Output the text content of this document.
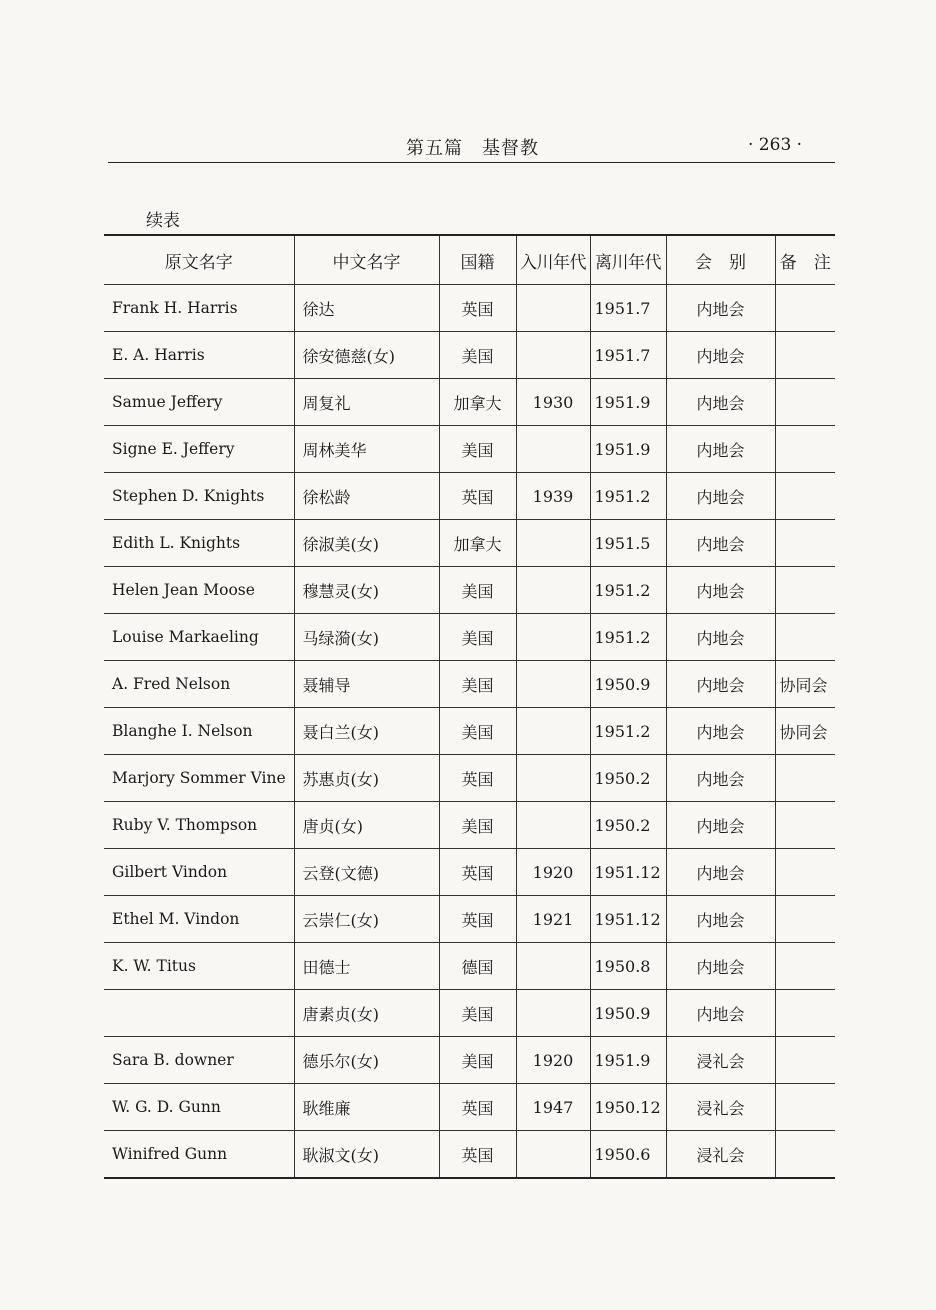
第五篇　基督教	· 263 ·
续表
原文名字	中文名字	国籍	入川年代	离川年代	会　别	备　注
Frank H. Harris	徐达	英国		1951.7	内地会	
E. A. Harris	徐安德慈(女)	美国		1951.7	内地会	
Samue Jeffery	周复礼	加拿大	1930	1951.9	内地会	
Signe E. Jeffery	周林美华	美国		1951.9	内地会	
Stephen D. Knights	徐松龄	英国	1939	1951.2	内地会	
Edith L. Knights	徐淑美(女)	加拿大		1951.5	内地会	
Helen Jean Moose	穆慧灵(女)	美国		1951.2	内地会	
Louise Markaeling	马绿漪(女)	美国		1951.2	内地会	
A. Fred Nelson	聂辅导	美国		1950.9	内地会	协同会
Blanghe I. Nelson	聂白兰(女)	美国		1951.2	内地会	协同会
Marjory Sommer Vine	苏惠贞(女)	英国		1950.2	内地会	
Ruby V. Thompson	唐贞(女)	美国		1950.2	内地会	
Gilbert Vindon	云登(文德)	英国	1920	1951.12	内地会	
Ethel M. Vindon	云崇仁(女)	英国	1921	1951.12	内地会	
K. W. Titus	田德士	德国		1950.8	内地会	
	唐素贞(女)	美国		1950.9	内地会	
Sara B. downer	德乐尔(女)	美国	1920	1951.9	浸礼会	
W. G. D. Gunn	耿维廉	英国	1947	1950.12	浸礼会	
Winifred Gunn	耿淑文(女)	英国		1950.6	浸礼会	
